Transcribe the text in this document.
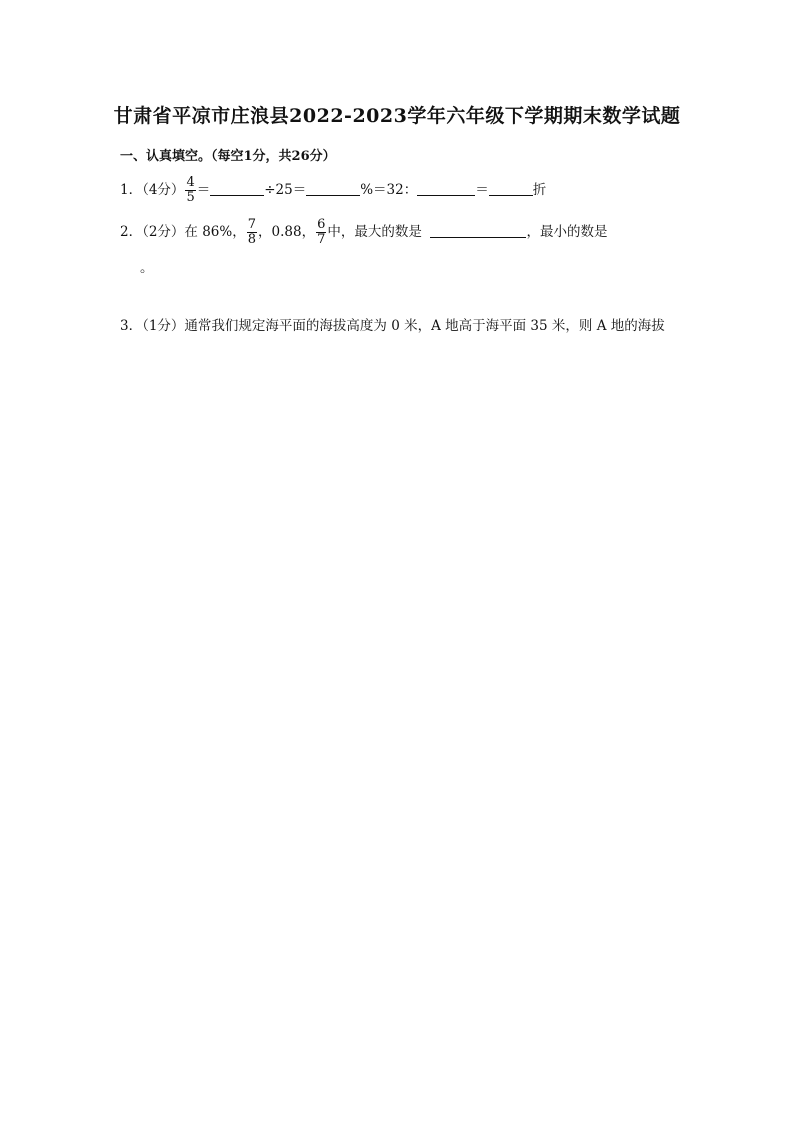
甘肃省平凉市庄浪县2022-2023学年六年级下学期期末数学试题
一、认真填空。（每空1分，共26分）
1．（4分） $\frac{4}{5}$ ＝	÷25＝	%＝32：	＝	折
2．（2分）在 86%， $\frac{7}{8}$ ，0.88， $\frac{6}{7}$ 中，最大的数是	，最小的数是
。
3．（1分）通常我们规定海平面的海拔高度为 0 米，A 地高于海平面 35 米，则 A 地的海拔
